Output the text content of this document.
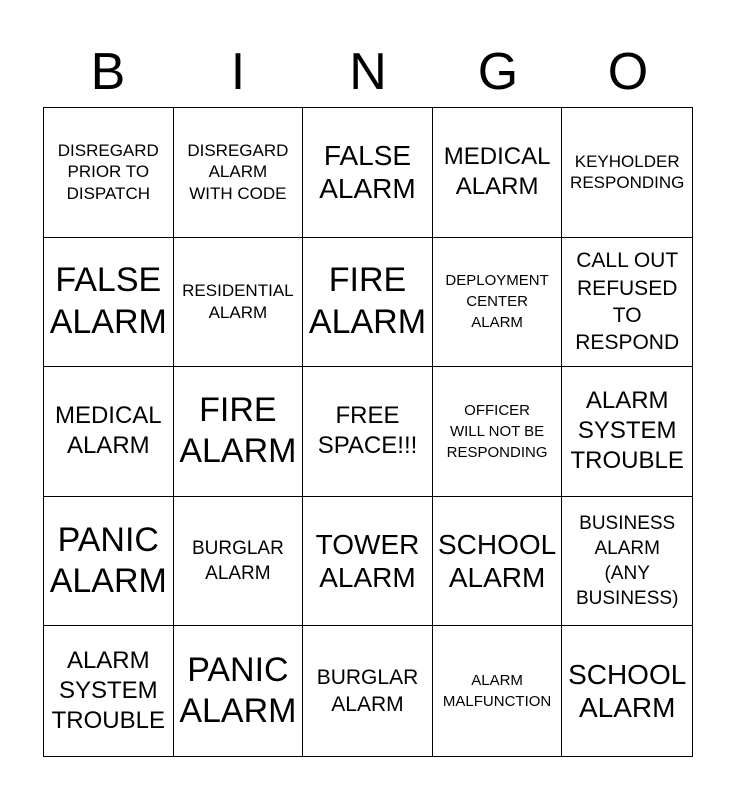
B	I	N	G	O
DISREGARD
PRIOR TO
DISPATCH
DISREGARD
ALARM
WITH CODE
FALSE
ALARM
MEDICAL
ALARM
KEYHOLDER
RESPONDING
FALSE
ALARM
RESIDENTIAL
ALARM
FIRE
ALARM
DEPLOYMENT
CENTER
ALARM
CALL OUT
REFUSED
TO
RESPOND
MEDICAL
ALARM
FIRE
ALARM
FREE
SPACE!!!
OFFICER
WILL NOT BE
RESPONDING
ALARM
SYSTEM
TROUBLE
PANIC
ALARM
BURGLAR
ALARM
TOWER
ALARM
SCHOOL
ALARM
BUSINESS
ALARM
(ANY
BUSINESS)
ALARM
SYSTEM
TROUBLE
PANIC
ALARM
BURGLAR
ALARM
ALARM
MALFUNCTION
SCHOOL
ALARM
